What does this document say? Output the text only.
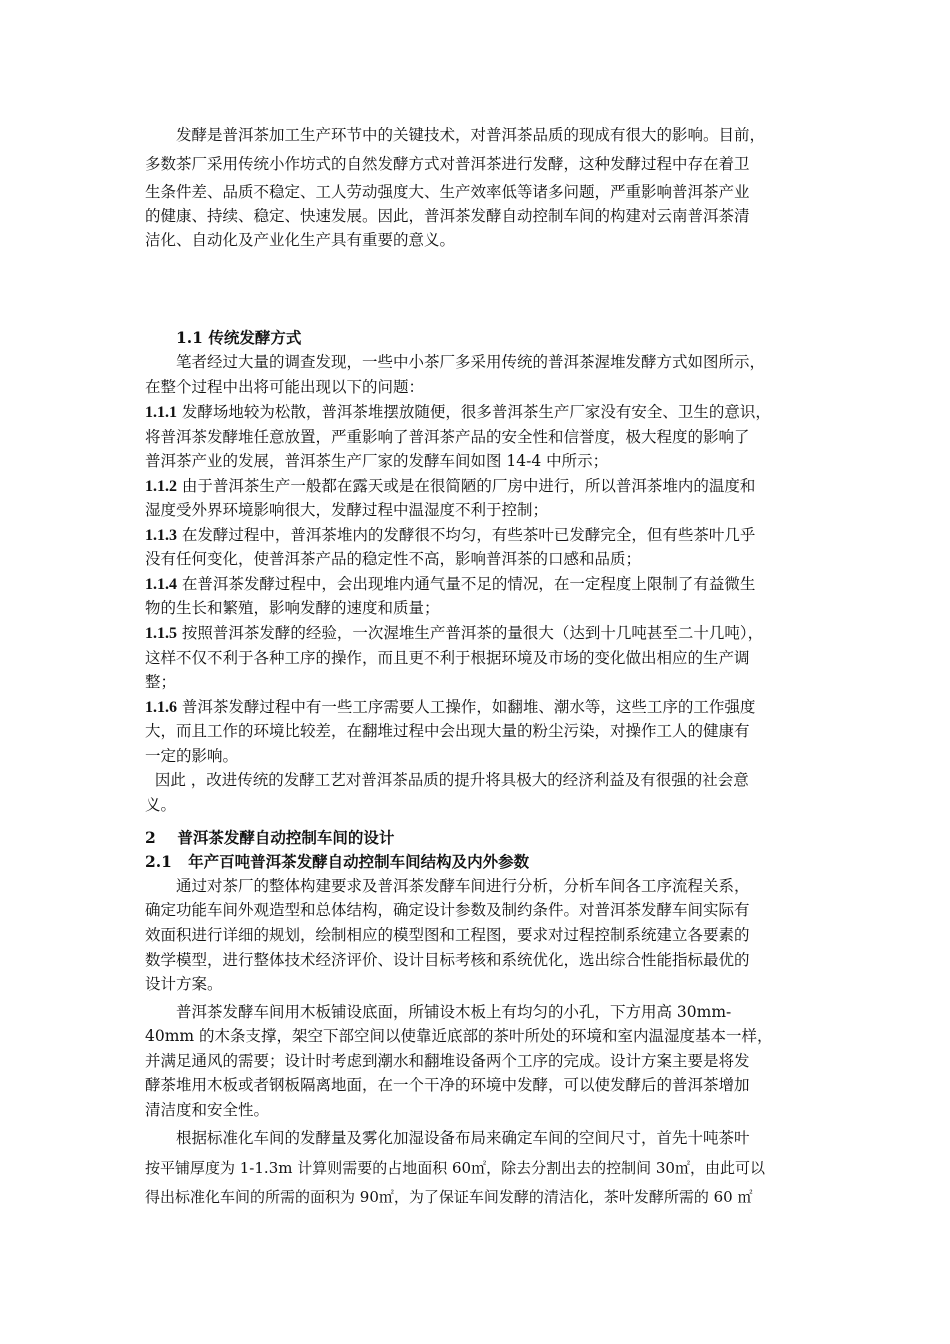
发酵是普洱茶加工生产环节中的关键技术，对普洱茶品质的现成有很大的影响。目前，
多数茶厂采用传统小作坊式的自然发酵方式对普洱茶进行发酵，这种发酵过程中存在着卫
生条件差、品质不稳定、工人劳动强度大、生产效率低等诸多问题，严重影响普洱茶产业
的健康、持续、稳定、快速发展。因此，普洱茶发酵自动控制车间的构建对云南普洱茶清
洁化、自动化及产业化生产具有重要的意义。
1.1 传统发酵方式
笔者经过大量的调查发现，一些中小茶厂多采用传统的普洱茶渥堆发酵方式如图所示，
在整个过程中出将可能出现以下的问题：
1.1.1 发酵场地较为松散，普洱茶堆摆放随便，很多普洱茶生产厂家没有安全、卫生的意识，
将普洱茶发酵堆任意放置，严重影响了普洱茶产品的安全性和信誉度，极大程度的影响了
普洱茶产业的发展，普洱茶生产厂家的发酵车间如图 14-4 中所示；
1.1.2 由于普洱茶生产一般都在露天或是在很简陋的厂房中进行，所以普洱茶堆内的温度和
湿度受外界环境影响很大，发酵过程中温湿度不利于控制；
1.1.3 在发酵过程中，普洱茶堆内的发酵很不均匀，有些茶叶已发酵完全，但有些茶叶几乎
没有任何变化，使普洱茶产品的稳定性不高，影响普洱茶的口感和品质；
1.1.4 在普洱茶发酵过程中，会出现堆内通气量不足的情况，在一定程度上限制了有益微生
物的生长和繁殖，影响发酵的速度和质量；
1.1.5 按照普洱茶发酵的经验，一次渥堆生产普洱茶的量很大（达到十几吨甚至二十几吨），
这样不仅不利于各种工序的操作，而且更不利于根据环境及市场的变化做出相应的生产调
整；
1.1.6 普洱茶发酵过程中有一些工序需要人工操作，如翻堆、潮水等，这些工序的工作强度
大，而且工作的环境比较差，在翻堆过程中会出现大量的粉尘污染，对操作工人的健康有
一定的影响。
因此 ，改进传统的发酵工艺对普洱茶品质的提升将具极大的经济利益及有很强的社会意
义。
2    普洱茶发酵自动控制车间的设计
2.1   年产百吨普洱茶发酵自动控制车间结构及内外参数
通过对茶厂的整体构建要求及普洱茶发酵车间进行分析，分析车间各工序流程关系，
确定功能车间外观造型和总体结构，确定设计参数及制约条件。对普洱茶发酵车间实际有
效面积进行详细的规划，绘制相应的模型图和工程图，要求对过程控制系统建立各要素的
数学模型，进行整体技术经济评价、设计目标考核和系统优化，选出综合性能指标最优的
设计方案。
普洱茶发酵车间用木板铺设底面，所铺设木板上有均匀的小孔，下方用高 30mm-
40mm 的木条支撑，架空下部空间以使靠近底部的茶叶所处的环境和室内温湿度基本一样，
并满足通风的需要；设计时考虑到潮水和翻堆设备两个工序的完成。设计方案主要是将发
酵茶堆用木板或者钢板隔离地面，在一个干净的环境中发酵，可以使发酵后的普洱茶增加
清洁度和安全性。
根据标准化车间的发酵量及雾化加湿设备布局来确定车间的空间尺寸，首先十吨茶叶
按平铺厚度为 1-1.3m 计算则需要的占地面积 60㎡，除去分割出去的控制间 30㎡，由此可以
得出标准化车间的所需的面积为 90㎡，为了保证车间发酵的清洁化，茶叶发酵所需的 60 ㎡
